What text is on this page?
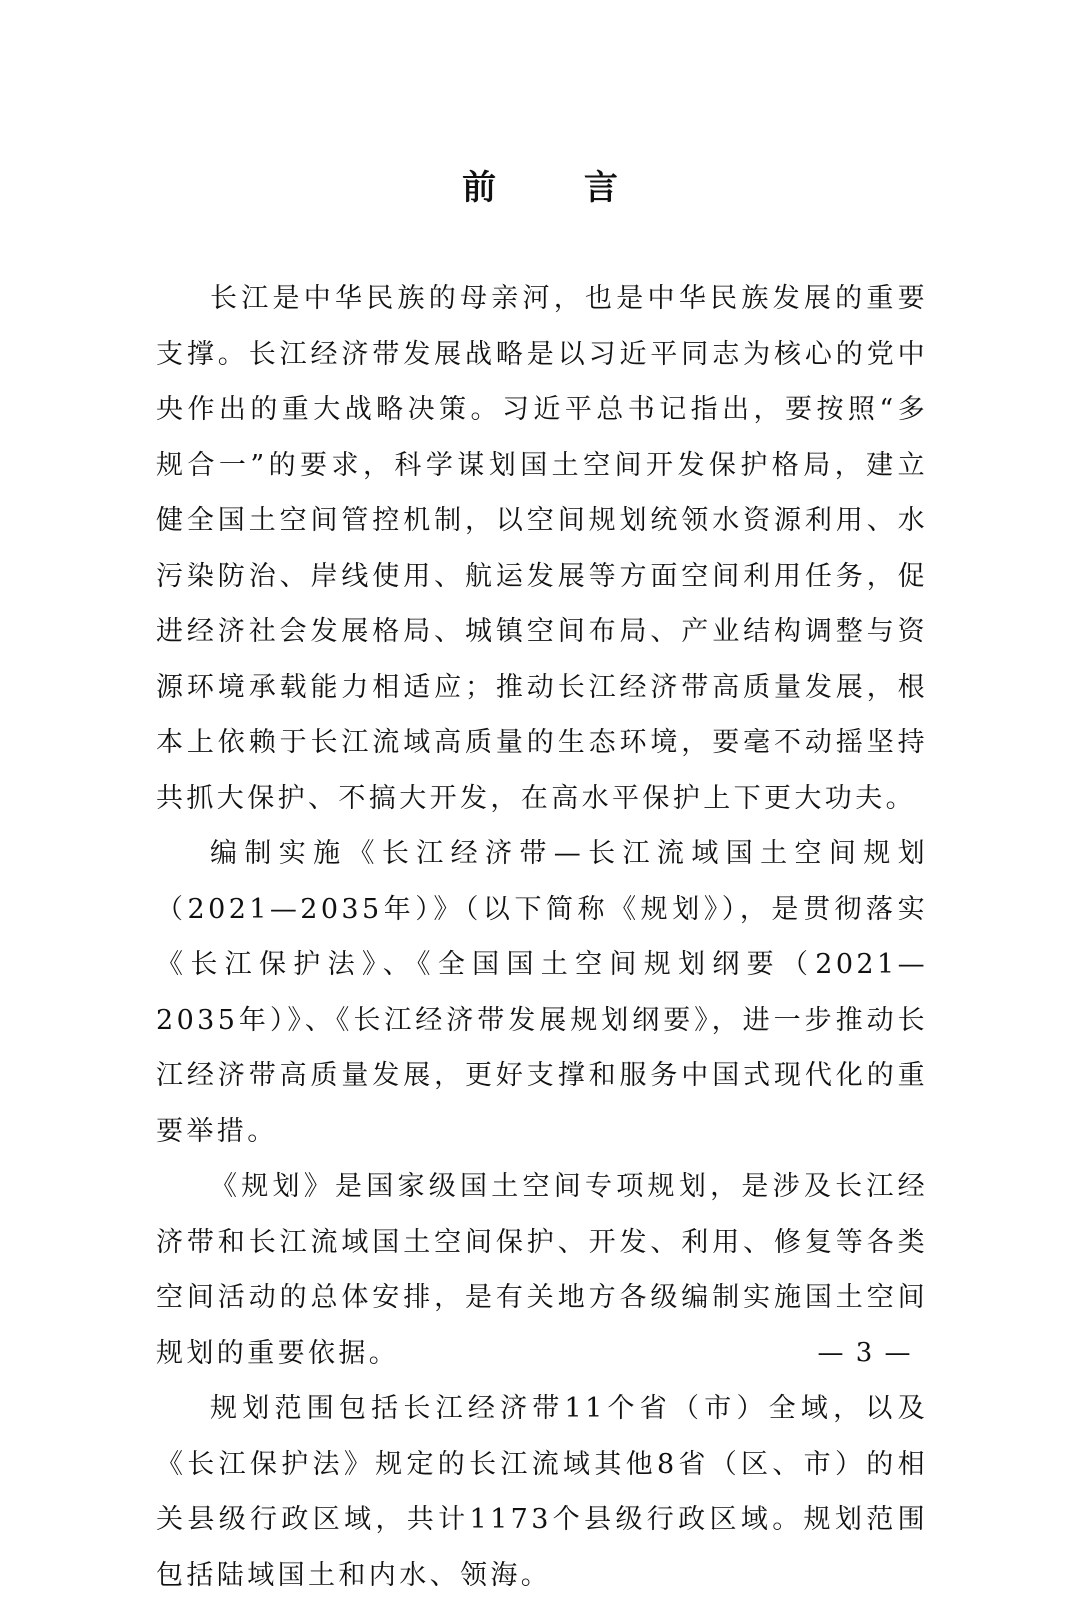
前 言

长江是中华民族的母亲河，也是中华民族发展的重要支撑。长江经济带发展战略是以习近平同志为核心的党中央作出的重大战略决策。习近平总书记指出，要按照“多规合一”的要求，科学谋划国土空间开发保护格局，建立健全国土空间管控机制，以空间规划统领水资源利用、水污染防治、岸线使用、航运发展等方面空间利用任务，促进经济社会发展格局、城镇空间布局、产业结构调整与资源环境承载能力相适应；推动长江经济带高质量发展，根本上依赖于长江流域高质量的生态环境，要毫不动摇坚持共抓大保护、不搞大开发，在高水平保护上下更大功夫。

编制实施《长江经济带—长江流域国土空间规划（2021—2035年）》（以下简称《规划》），是贯彻落实《长江保护法》、《全国国土空间规划纲要（2021—2035年）》、《长江经济带发展规划纲要》，进一步推动长江经济带高质量发展，更好支撑和服务中国式现代化的重要举措。

《规划》是国家级国土空间专项规划，是涉及长江经济带和长江流域国土空间保护、开发、利用、修复等各类空间活动的总体安排，是有关地方各级编制实施国土空间规划的重要依据。

规划范围包括长江经济带11个省（市）全域，以及《长江保护法》规定的长江流域其他8省（区、市）的相关县级行政区域，共计1173个县级行政区域。规划范围包括陆域国土和内水、领海。

— 3 —
